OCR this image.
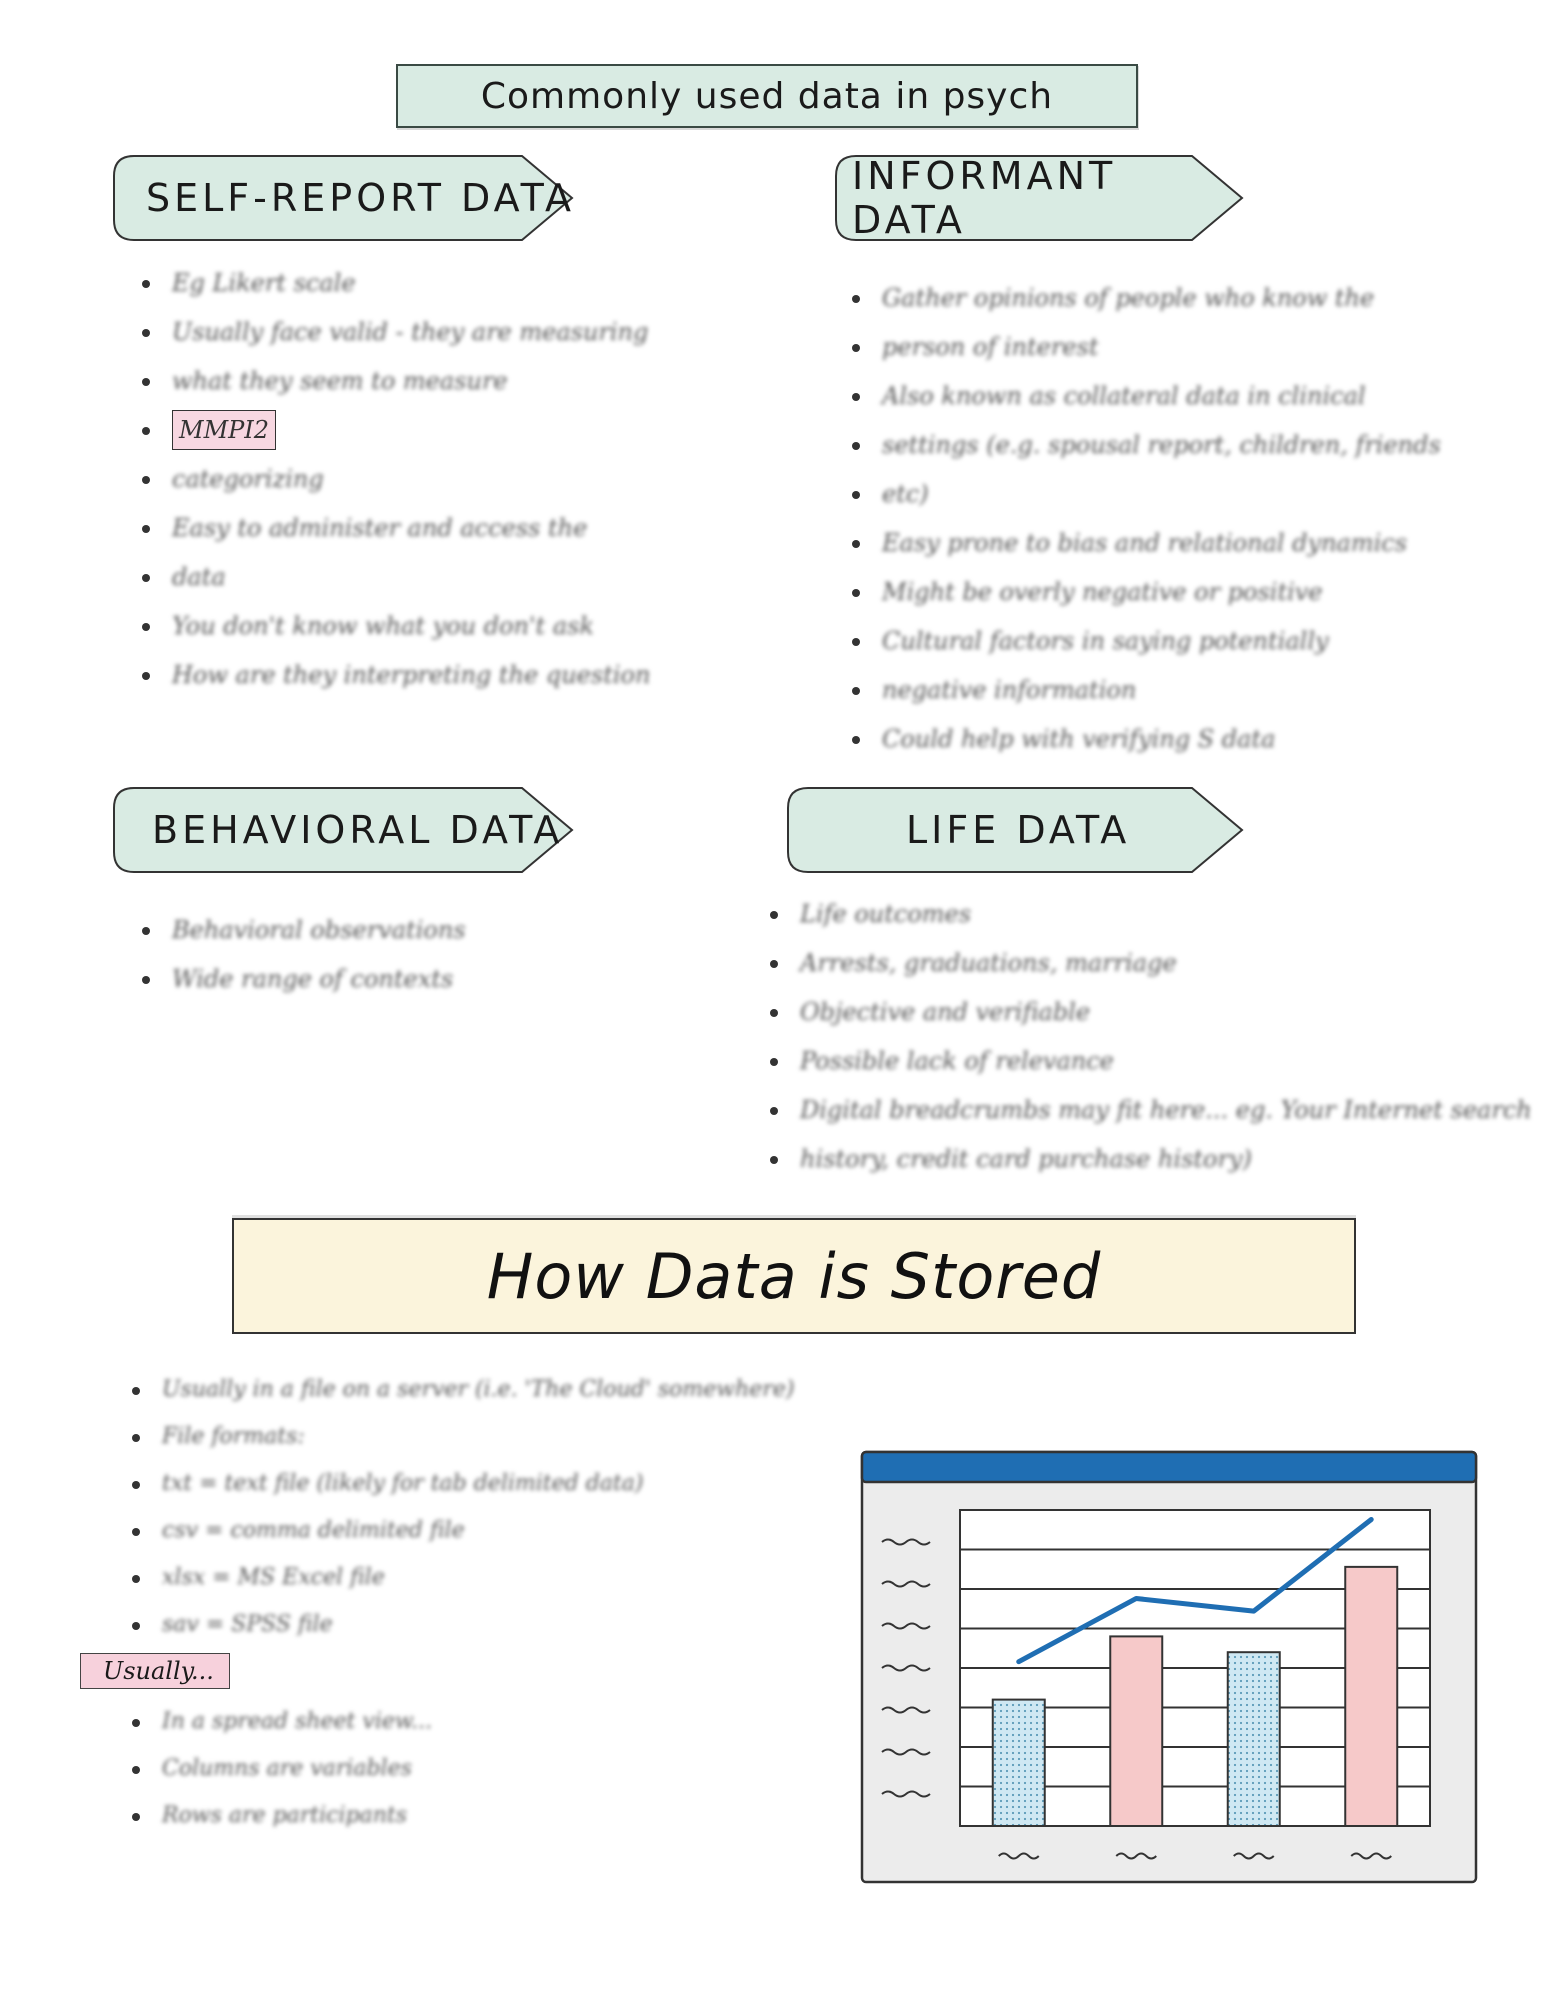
Commonly used data in psych
SELF-REPORT DATA	INFORMANT DATA
Eg Likert scale
Usually face valid - they are measuring
what they seem to measure
MMPI2
categorizing
Easy to administer and access the
data
You don't know what you don't ask
How are they interpreting the question
Gather opinions of people who know the
person of interest
Also known as collateral data in clinical
settings (e.g. spousal report, children, friends
etc)
Easy prone to bias and relational dynamics
Might be overly negative or positive
Cultural factors in saying potentially
negative information
Could help with verifying S data
BEHAVIORAL DATA	LIFE DATA
Behavioral observations
Wide range of contexts
Life outcomes
Arrests, graduations, marriage
Objective and verifiable
Possible lack of relevance
Digital breadcrumbs may fit here... eg. Your Internet search
history, credit card purchase history)
How Data is Stored
Usually in a file on a server (i.e. 'The Cloud' somewhere)
File formats:
txt = text file (likely for tab delimited data)
csv = comma delimited file
xlsx = MS Excel file
sav = SPSS file
Usually...
In a spread sheet view...
Columns are variables
Rows are participants
